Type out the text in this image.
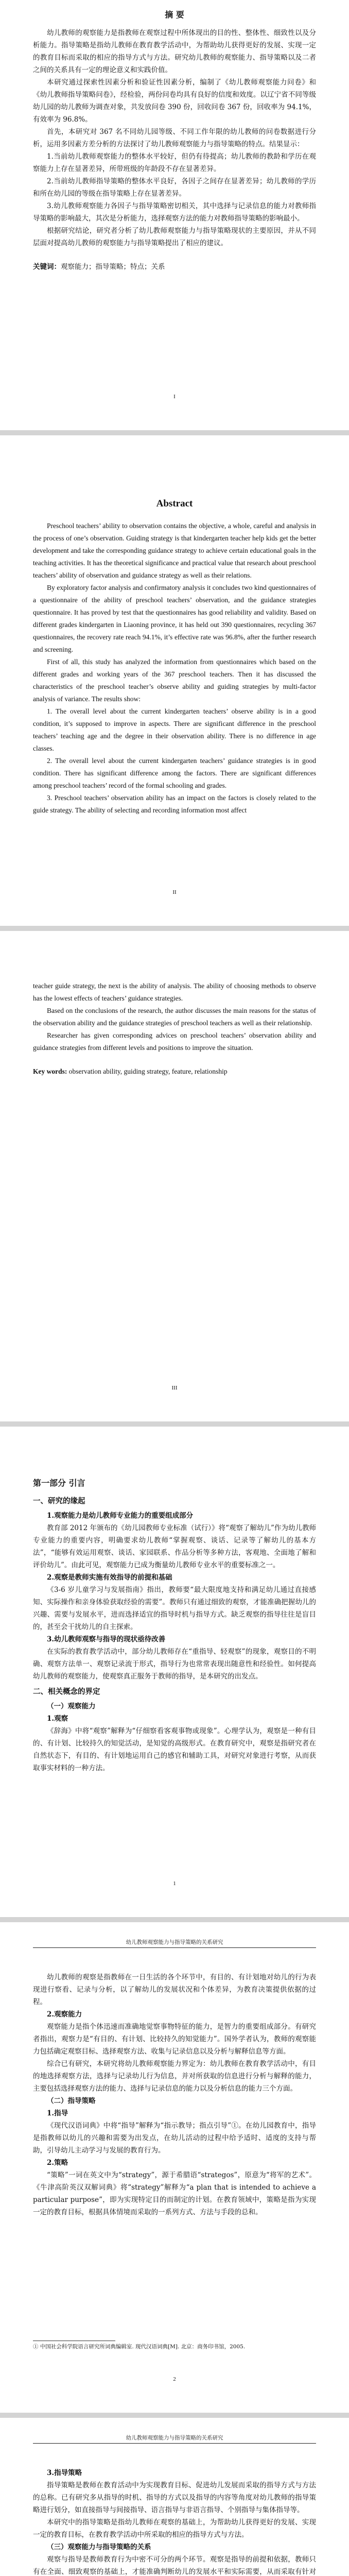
摘 要

幼儿教师的观察能力是指教师在观察过程中所体现出的目的性、整体性、细致性以及分析能力。指导策略是指幼儿教师在教育教学活动中，为帮助幼儿获得更好的发展、实现一定的教育目标而采取的相应的指导方式与方法。研究幼儿教师的观察能力、指导策略以及二者之间的关系具有一定的理论意义和实践价值。

本研究通过探索性因素分析和验证性因素分析，编制了《幼儿教师观察能力问卷》和《幼儿教师指导策略问卷》，经检验，两份问卷均具有良好的信度和效度。以辽宁省不同等级幼儿园的幼儿教师为调查对象，共发放问卷 390 份，回收问卷 367 份，回收率为 94.1%，有效率为 96.8%。

首先，本研究对 367 名不同幼儿园等级、不同工作年限的幼儿教师的问卷数据进行分析，运用多因素方差分析的方法探讨了幼儿教师观察能力与指导策略的特点。结果显示：

1.当前幼儿教师观察能力的整体水平较好，但仍有待提高；幼儿教师的教龄和学历在观察能力上存在显著差异，所带班级的年龄段不存在显著差异。

2.当前幼儿教师指导策略的整体水平良好，各因子之间存在显著差异；幼儿教师的学历和所在幼儿园的等级在指导策略上存在显著差异。

3.幼儿教师观察能力各因子与指导策略密切相关，其中选择与记录信息的能力对教师指导策略的影响最大，其次是分析能力，选择观察方法的能力对教师指导策略的影响最小。

根据研究结论，研究者分析了幼儿教师观察能力与指导策略现状的主要原因，并从不同层面对提高幼儿教师的观察能力与指导策略提出了相应的建议。

关键词：观察能力；指导策略；特点；关系

I
Abstract

Preschool teachers’ ability to observation contains the objective, a whole, careful and analysis in the process of one’s observation. Guiding strategy is that kindergarten teacher help kids get the better development and take the corresponding guidance strategy to achieve certain educational goals in the teaching activities. It has the theoretical significance and practical value that research about preschool teachers’ ability of observation and guidance strategy as well as their relations.

By exploratory factor analysis and confirmatory analysis it concludes two kind questionnaires of a questionnaire of the ability of preschool teachers’ observation, and the guidance strategies questionnaire. It has proved by test that the questionnaires has good reliability and validity. Based on different grades kindergarten in Liaoning province, it has held out 390 questionnaires, recycling 367 questionnaires, the recovery rate reach 94.1%, it’s effective rate was 96.8%, after the further research and screening.

First of all, this study has analyzed the information from questionnaires which based on the different grades and working years of the 367 preschool teachers. Then it has discussed the characteristics of the preschool teacher’s observe ability and guiding strategies by multi-factor analysis of variance. The results show:

1. The overall level about the current kindergarten teachers’ observe ability is in a good condition, it’s supposed to improve in aspects. There are significant difference in the preschool teachers’ teaching age and the degree in their observation ability. There is no difference in age classes.

2. The overall level about the current kindergarten teachers’ guidance strategies is in good condition. There has significant difference among the factors. There are significant differences among preschool teachers’ record of the formal schooling and grades.

3. Preschool teachers’ observation ability has an impact on the factors is closely related to the guide strategy. The ability of selecting and recording information most affect

II

teacher guide strategy, the next is the ability of analysis. The ability of choosing methods to observe has the lowest effects of teachers’ guidance strategies.

Based on the conclusions of the research, the author discusses the main reasons for the status of the observation ability and the guidance strategies of preschool teachers as well as their relationship.

Researcher has given corresponding advices on preschool teachers’ observation ability and guidance strategies from different levels and positions to improve the situation.

Key words: observation ability, guiding strategy, feature, relationship

III
第一部分 引言
一、研究的缘起
1.观察能力是幼儿教师专业能力的重要组成部分

教育部 2012 年颁布的《幼儿园教师专业标准（试行）》将“观察了解幼儿”作为幼儿教师专业能力的重要内容，明确要求幼儿教师“掌握观察、谈话、记录等了解幼儿的基本方法”，“能够有效运用观察、谈话、家园联系、作品分析等多种方法，客观地、全面地了解和评价幼儿”。由此可见，观察能力已成为衡量幼儿教师专业水平的重要标准之一。

2.观察是教师实施有效指导的前提和基础

《3-6 岁儿童学习与发展指南》指出，教师要“最大限度地支持和满足幼儿通过直接感知、实际操作和亲身体验获取经验的需要”。教师只有通过细致的观察，才能准确把握幼儿的兴趣、需要与发展水平，进而选择适宜的指导时机与指导方式。缺乏观察的指导往往是盲目的，甚至会干扰幼儿的自主探索。

3.幼儿教师观察与指导的现状亟待改善

在实际的教育教学活动中，部分幼儿教师存在“重指导、轻观察”的现象，观察目的不明确、观察方法单一、观察记录流于形式，指导行为也常常表现出随意性和经验性。如何提高幼儿教师的观察能力，使观察真正服务于教师的指导，是本研究的出发点。

二、相关概念的界定
（一）观察能力
1.观察

《辞海》中将“观察”解释为“仔细察看客观事物或现象”。心理学认为，观察是一种有目的、有计划、比较持久的知觉活动，是知觉的高级形式。在教育研究中，观察是指研究者在自然状态下，有目的、有计划地运用自己的感官和辅助工具，对研究对象进行考察，从而获取事实材料的一种方法。

1
幼儿教师观察能力与指导策略的关系研究

幼儿教师的观察是指教师在一日生活的各个环节中，有目的、有计划地对幼儿的行为表现进行察看、记录与分析，以了解幼儿的发展状况和个体差异，为教育决策提供依据的过程。

2.观察能力

观察能力是指个体迅速而准确地觉察事物特征的能力，是智力的重要组成部分。有研究者指出，观察力是“有目的、有计划、比较持久的知觉能力”。国外学者认为，教师的观察能力包括确定观察目标、选择观察方法、收集与记录信息以及分析与解释信息等方面。

综合已有研究，本研究将幼儿教师观察能力界定为：幼儿教师在教育教学活动中，有目的地选择观察方法，选择与记录幼儿行为信息，并对所获取的信息进行分析与解释的能力，主要包括选择观察方法的能力、选择与记录信息的能力以及分析信息的能力三个方面。

（二）指导策略
1.指导

《现代汉语词典》中将“指导”解释为“指示教导；指点引导”①。在幼儿园教育中，指导是指教师以幼儿的兴趣和需要为出发点，在幼儿活动的过程中给予适时、适度的支持与帮助，引导幼儿主动学习与发展的教育行为。

2.策略

“策略”一词在英文中为“strategy”，源于希腊语“strategos”，原意为“将军的艺术”。《牛津高阶英汉双解词典》将“strategy”解释为“a plan that is intended to achieve a particular purpose”，即为实现特定目的而制定的计划。在教育领域中，策略是指为实现一定的教育目标，根据具体情境而采取的一系列方式、方法与手段的总和。

① 中国社会科学院语言研究所词典编辑室. 现代汉语词典[M]. 北京：商务印书馆，2005.
2
幼儿教师观察能力与指导策略的关系研究
3.指导策略

指导策略是教师在教育活动中为实现教育目标、促进幼儿发展而采取的指导方式与方法的总称。已有研究多从指导的时机、指导的方式以及指导的内容等角度对幼儿教师的指导策略进行划分，如直接指导与间接指导、语言指导与非语言指导、个别指导与集体指导等。

本研究中的指导策略是指幼儿教师在观察的基础上，为帮助幼儿获得更好的发展、实现一定的教育目标，在教育教学活动中所采取的相应的指导方式与方法。

（三）观察能力与指导策略的关系

观察与指导是教师教育行为中密不可分的两个环节。观察是指导的前提和依据，教师只有在全面、细致观察的基础上，才能准确判断幼儿的发展水平和实际需要，从而采取有针对
